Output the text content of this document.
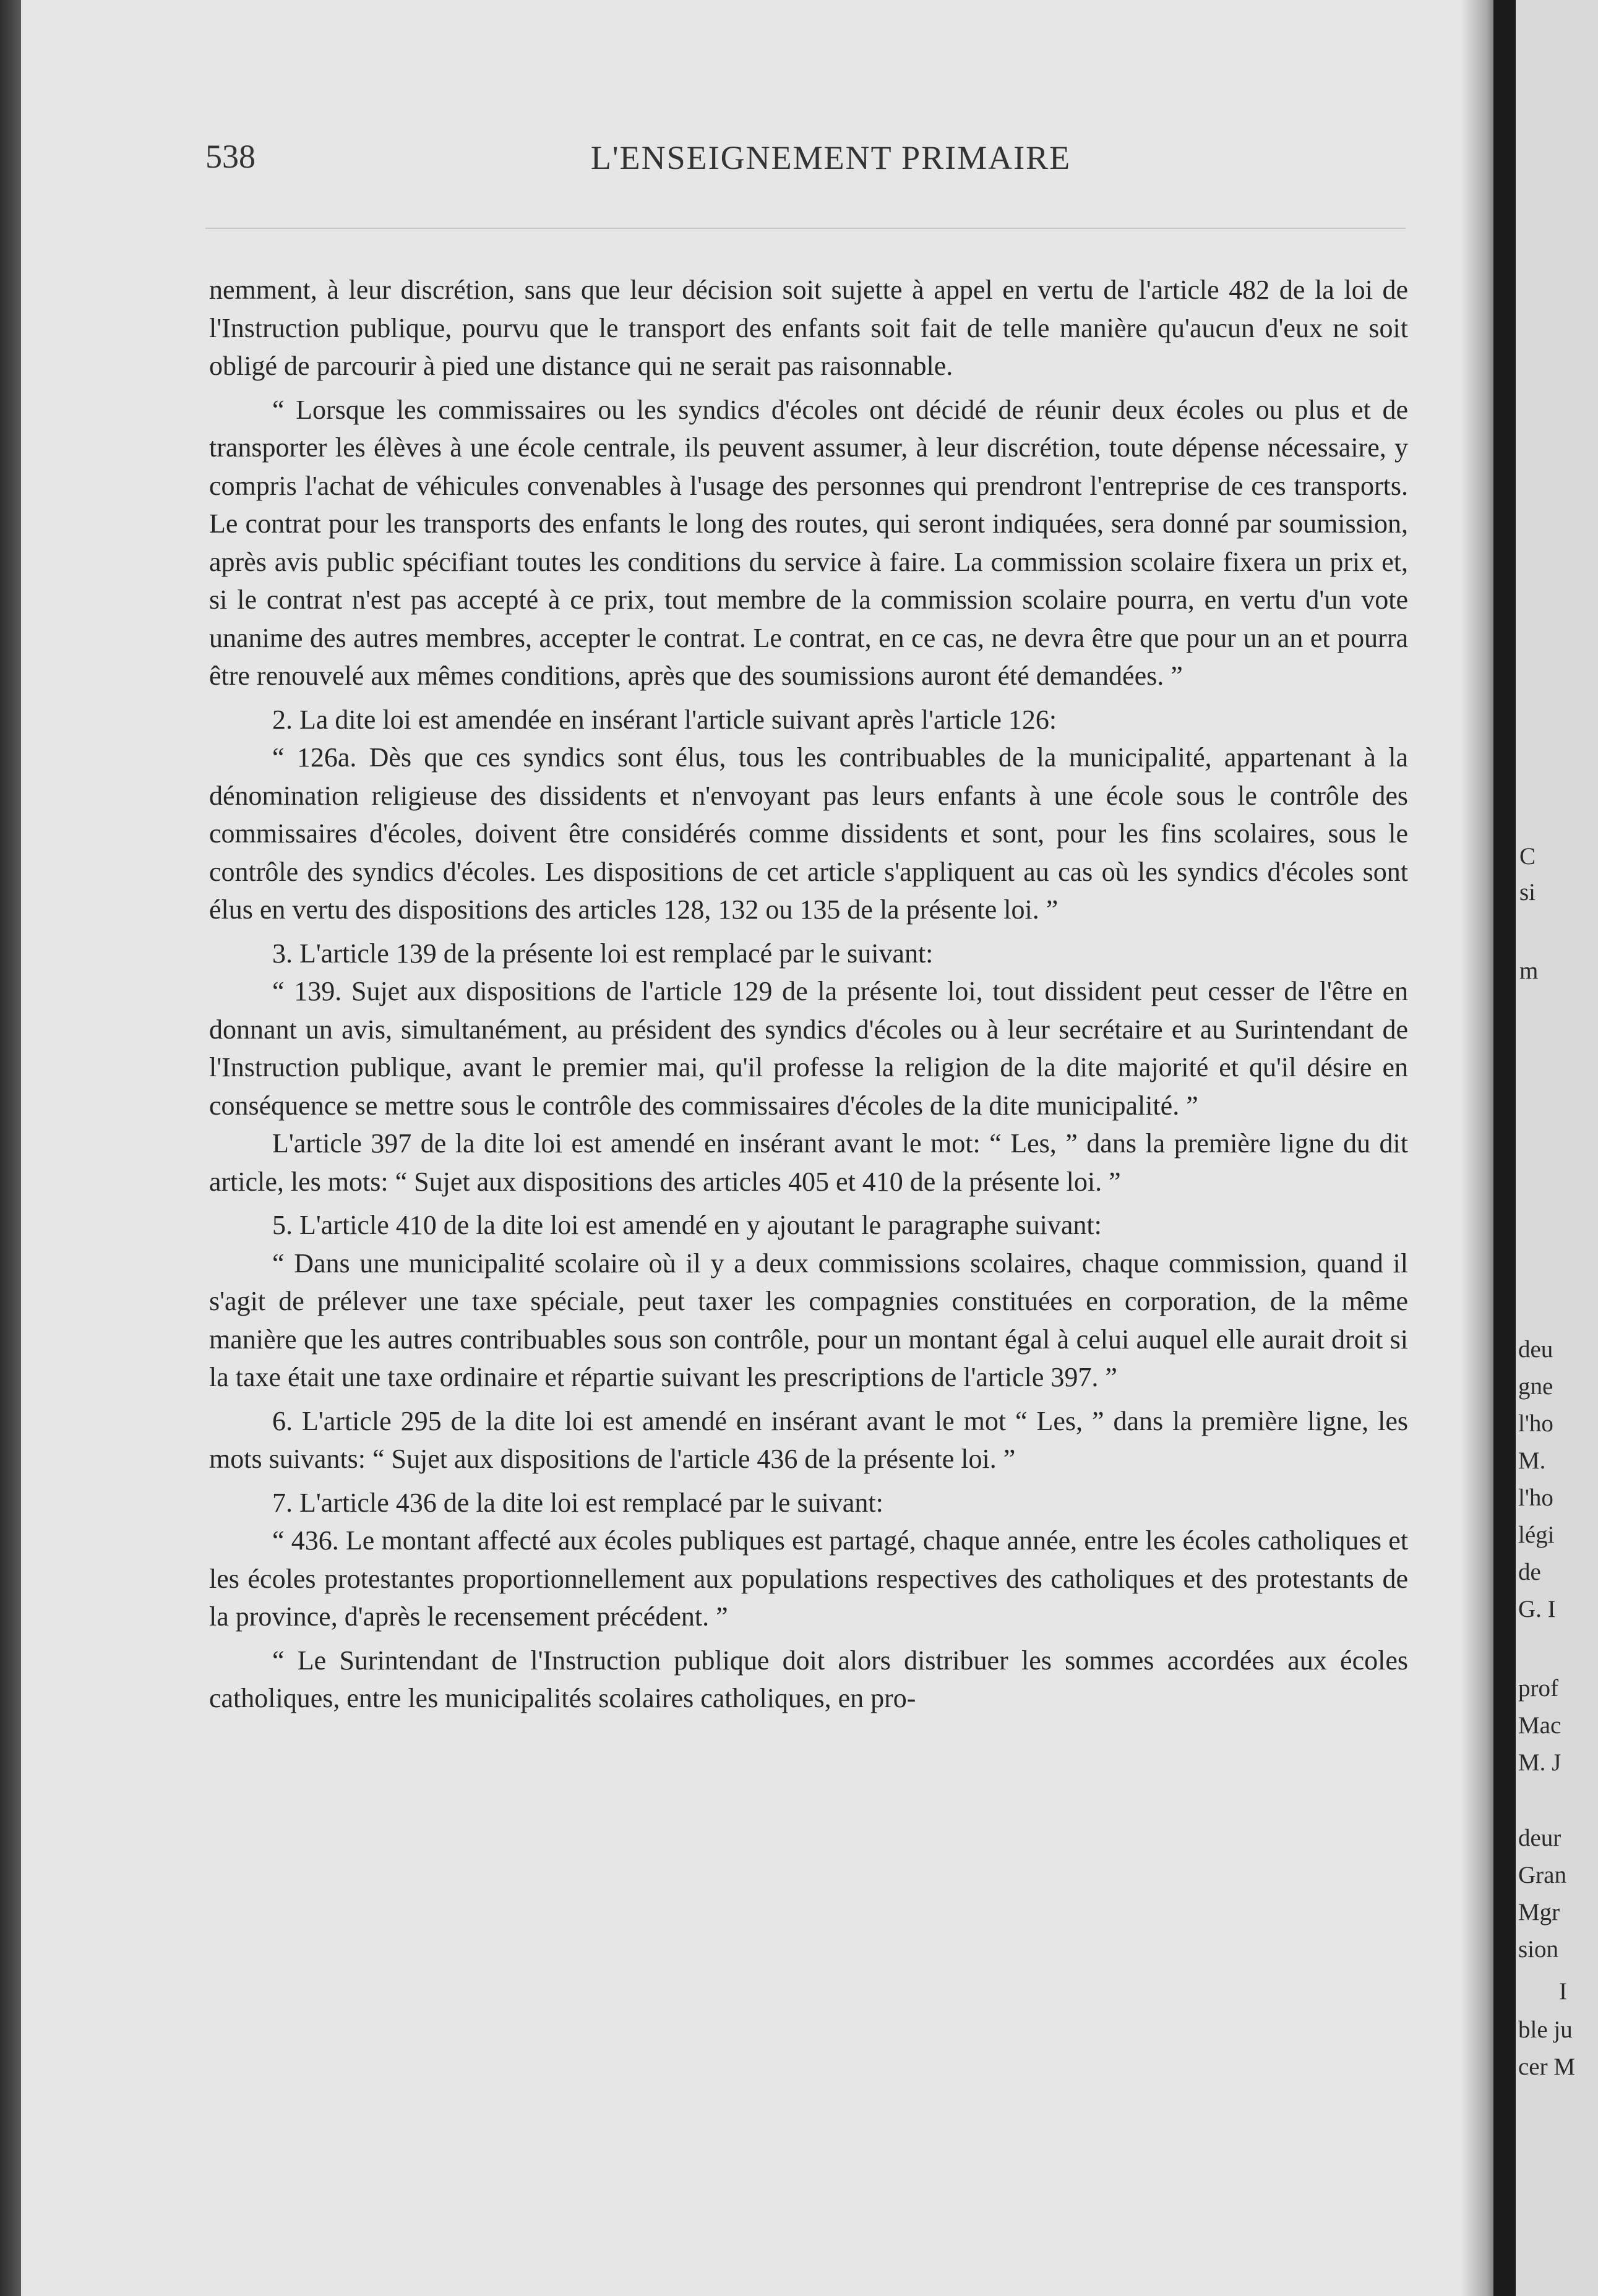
538	L'ENSEIGNEMENT PRIMAIRE

nemment, à leur discrétion, sans que leur décision soit sujette à appel en vertu de l'article 482 de la loi de l'Instruction publique, pourvu que le transport des enfants soit fait de telle manière qu'aucun d'eux ne soit obligé de parcourir à pied une distance qui ne serait pas raisonnable.

“ Lorsque les commissaires ou les syndics d'écoles ont décidé de réunir deux écoles ou plus et de transporter les élèves à une école centrale, ils peuvent assumer, à leur discrétion, toute dépense nécessaire, y compris l'achat de véhicules convenables à l'usage des personnes qui prendront l'entreprise de ces transports. Le contrat pour les transports des enfants le long des routes, qui seront indiquées, sera donné par soumission, après avis public spécifiant toutes les conditions du service à faire. La commission scolaire fixera un prix et, si le contrat n'est pas accepté à ce prix, tout membre de la commission scolaire pourra, en vertu d'un vote unanime des autres membres, accepter le contrat. Le contrat, en ce cas, ne devra être que pour un an et pourra être renouvelé aux mêmes conditions, après que des soumissions auront été demandées. ”

2. La dite loi est amendée en insérant l'article suivant après l'article 126:

“ 126a. Dès que ces syndics sont élus, tous les contribuables de la municipalité, appartenant à la dénomination religieuse des dissidents et n'envoyant pas leurs enfants à une école sous le contrôle des commissaires d'écoles, doivent être considérés comme dissidents et sont, pour les fins scolaires, sous le contrôle des syndics d'écoles. Les dispositions de cet article s'appliquent au cas où les syndics d'écoles sont élus en vertu des dispositions des articles 128, 132 ou 135 de la présente loi. ”

3. L'article 139 de la présente loi est remplacé par le suivant:

“ 139. Sujet aux dispositions de l'article 129 de la présente loi, tout dissident peut cesser de l'être en donnant un avis, simultanément, au président des syndics d'écoles ou à leur secrétaire et au Surintendant de l'Instruction publique, avant le premier mai, qu'il professe la religion de la dite majorité et qu'il désire en conséquence se mettre sous le contrôle des commissaires d'écoles de la dite municipalité. ”

L'article 397 de la dite loi est amendé en insérant avant le mot: “ Les, ” dans la première ligne du dit article, les mots: “ Sujet aux dispositions des articles 405 et 410 de la présente loi. ”

5. L'article 410 de la dite loi est amendé en y ajoutant le paragraphe suivant:

“ Dans une municipalité scolaire où il y a deux commissions scolaires, chaque commission, quand il s'agit de prélever une taxe spéciale, peut taxer les compagnies constituées en corporation, de la même manière que les autres contribuables sous son contrôle, pour un montant égal à celui auquel elle aurait droit si la taxe était une taxe ordinaire et répartie suivant les prescriptions de l'article 397. ”

6. L'article 295 de la dite loi est amendé en insérant avant le mot “ Les, ” dans la première ligne, les mots suivants: “ Sujet aux dispositions de l'article 436 de la présente loi. ”

7. L'article 436 de la dite loi est remplacé par le suivant:

“ 436. Le montant affecté aux écoles publiques est partagé, chaque année, entre les écoles catholiques et les écoles protestantes proportionnellement aux populations respectives des catholiques et des protestants de la province, d'après le recensement précédent. ”

“ Le Surintendant de l'Instruction publique doit alors distribuer les sommes accordées aux écoles catholiques, entre les municipalités scolaires catholiques, en pro-

C
si
m
deu
gne
l'ho
M.
l'ho
légi
de
G. I
prof
Mac
M. J
deur
Gran
Mgr
sion
I
ble ju
cer M
